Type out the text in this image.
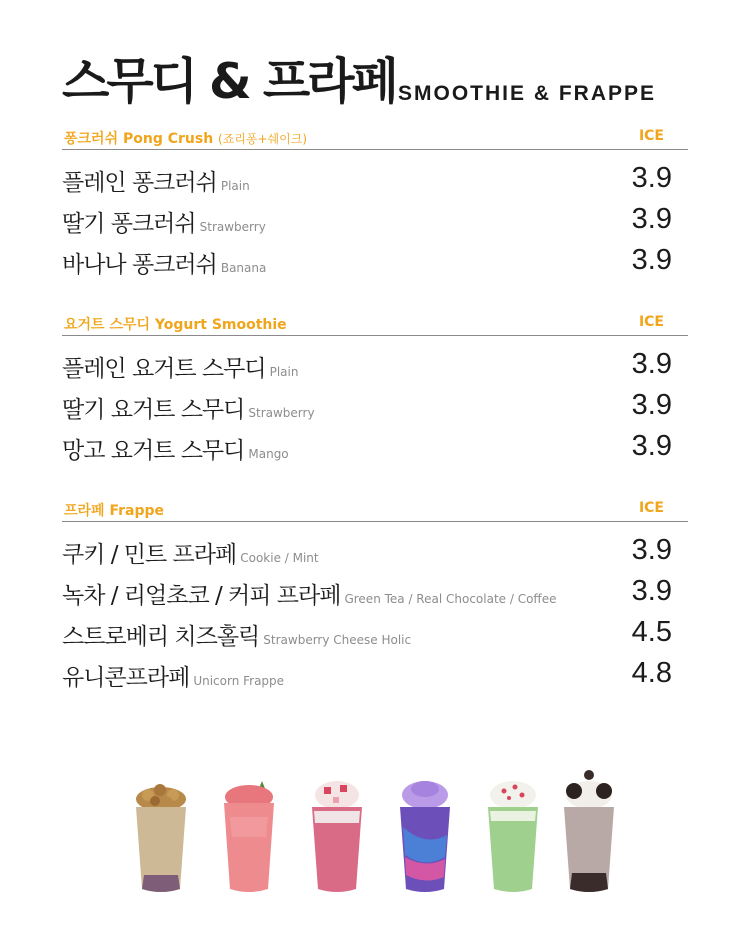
스무디 & 프라페 SMOOTHIE & FRAPPE
퐁크러쉬 Pong Crush (죠리퐁+쉐이크)	ICE
플레인 퐁크러쉬 Plain	3.9
딸기 퐁크러쉬 Strawberry	3.9
바나나 퐁크러쉬 Banana	3.9
요거트 스무디 Yogurt Smoothie	ICE
플레인 요거트 스무디 Plain	3.9
딸기 요거트 스무디 Strawberry	3.9
망고 요거트 스무디 Mango	3.9
프라페 Frappe	ICE
쿠키 / 민트 프라페 Cookie / Mint	3.9
녹차 / 리얼초코 / 커피 프라페 Green Tea / Real Chocolate / Coffee	3.9
스트로베리 치즈홀릭 Strawberry Cheese Holic	4.5
유니콘프라페 Unicorn Frappe	4.8
